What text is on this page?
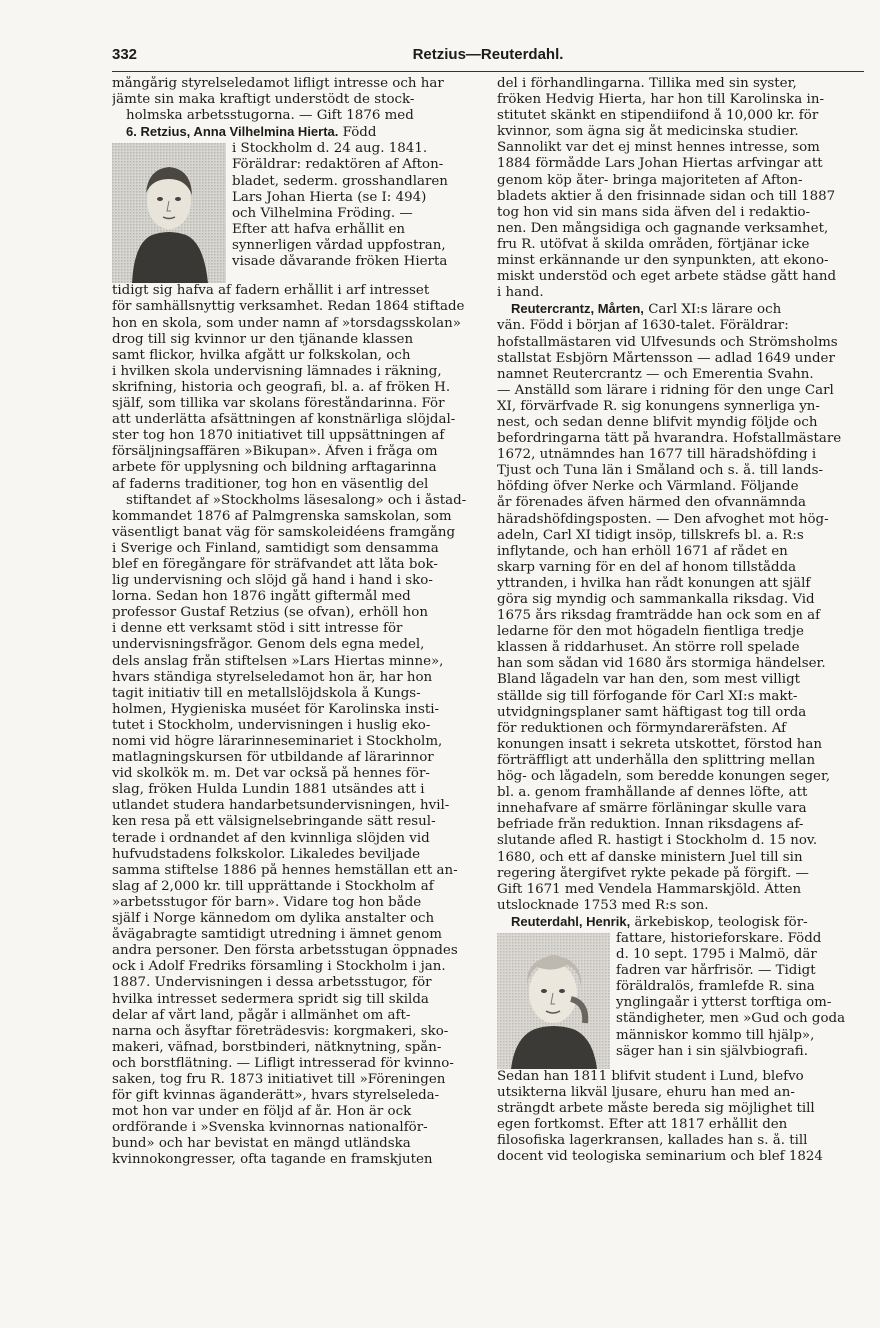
332	Retzius—Reuterdahl.
mångårig styrelseledamot lifligt intresse och har
jämte sin maka kraftigt understödt de stock-
holmska arbetsstugorna. — Gift 1876 med
6. Retzius, Anna Vilhelmina Hierta. Född
i Stockholm d. 24 aug. 1841.
Föräldrar: redaktören af Afton-
bladet, sederm. grosshandlaren
Lars Johan Hierta (se I: 494)
och Vilhelmina Fröding. —
Efter att hafva erhållit en
synnerligen vårdad uppfostran,
visade dåvarande fröken Hierta
tidigt sig hafva af fadern erhållit i arf intresset
för samhällsnyttig verksamhet. Redan 1864 stiftade
hon en skola, som under namn af »torsdagsskolan»
drog till sig kvinnor ur den tjänande klassen
samt flickor, hvilka afgått ur folkskolan, och
i hvilken skola undervisning lämnades i räkning,
skrifning, historia och geografi, bl. a. af fröken H.
själf, som tillika var skolans föreståndarinna. För
att underlätta afsättningen af konstnärliga slöjdal-
ster tog hon 1870 initiativet till uppsättningen af
försäljningsaffären »Bikupan». Äfven i fråga om
arbete för upplysning och bildning arftagarinna
af faderns traditioner, tog hon en väsentlig del
stiftandet af »Stockholms läsesalong» och i åstad-
kommandet 1876 af Palmgrenska samskolan, som
väsentligt banat väg för samskoleidéens framgång
i Sverige och Finland, samtidigt som densamma
blef en föregångare för sträfvandet att låta bok-
lig undervisning och slöjd gå hand i hand i sko-
lorna. Sedan hon 1876 ingått giftermål med
professor Gustaf Retzius (se ofvan), erhöll hon
i denne ett verksamt stöd i sitt intresse för
undervisningsfrågor. Genom dels egna medel,
dels anslag från stiftelsen »Lars Hiertas minne»,
hvars ständiga styrelseledamot hon är, har hon
tagit initiativ till en metallslöjdskola å Kungs-
holmen, Hygieniska muséet för Karolinska insti-
tutet i Stockholm, undervisningen i huslig eko-
nomi vid högre lärarinneseminariet i Stockholm,
matlagningskursen för utbildande af lärarinnor
vid skolkök m. m. Det var också på hennes för-
slag, fröken Hulda Lundin 1881 utsändes att i
utlandet studera handarbetsundervisningen, hvil-
ken resa på ett välsignelsebringande sätt resul-
terade i ordnandet af den kvinnliga slöjden vid
hufvudstadens folkskolor. Likaledes beviljade
samma stiftelse 1886 på hennes hemställan ett an-
slag af 2,000 kr. till upprättande i Stockholm af
»arbetsstugor för barn». Vidare tog hon både
själf i Norge kännedom om dylika anstalter och
åvägabragte samtidigt utredning i ämnet genom
andra personer. Den första arbetsstugan öppnades
ock i Adolf Fredriks församling i Stockholm i jan.
1887. Undervisningen i dessa arbetsstugor, för
hvilka intresset sedermera spridt sig till skilda
delar af vårt land, pågår i allmänhet om aft-
narna och åsyftar företrädesvis: korgmakeri, sko-
makeri, väfnad, borstbinderi, nätknytning, spån-
och borstflätning. — Lifligt intresserad för kvinno-
saken, tog fru R. 1873 initiativet till »Föreningen
för gift kvinnas äganderätt», hvars styrelseleda-
mot hon var under en följd af år. Hon är ock
ordförande i »Svenska kvinnornas nationalför-
bund» och har bevistat en mängd utländska
kvinnokongresser, ofta tagande en framskjuten
del i förhandlingarna. Tillika med sin syster,
fröken Hedvig Hierta, har hon till Karolinska in-
stitutet skänkt en stipendiifond å 10,000 kr. för
kvinnor, som ägna sig åt medicinska studier.
Sannolikt var det ej minst hennes intresse, som
1884 förmådde Lars Johan Hiertas arfvingar att
genom köp åter- bringa majoriteten af Afton-
bladets aktier å den frisinnade sidan och till 1887
tog hon vid sin mans sida äfven del i redaktio-
nen. Den mångsidiga och gagnande verksamhet,
fru R. utöfvat å skilda områden, förtjänar icke
minst erkännande ur den synpunkten, att ekono-
miskt understöd och eget arbete städse gått hand
i hand.
Reutercrantz, Mårten, Carl XI:s lärare och
vän. Född i början af 1630-talet. Föräldrar:
hofstallmästaren vid Ulfvesunds och Strömsholms
stallstat Esbjörn Mårtensson — adlad 1649 under
namnet Reutercrantz — och Emerentia Svahn.
— Anställd som lärare i ridning för den unge Carl
XI, förvärfvade R. sig konungens synnerliga yn-
nest, och sedan denne blifvit myndig följde och
befordringarna tätt på hvarandra. Hofstallmästare
1672, utnämndes han 1677 till häradshöfding i
Tjust och Tuna län i Småland och s. å. till lands-
höfding öfver Nerke och Värmland. Följande
år förenades äfven härmed den ofvannämnda
häradshöfdingsposten. — Den afvoghet mot hög-
adeln, Carl XI tidigt insöp, tillskrefs bl. a. R:s
inflytande, och han erhöll 1671 af rådet en
skarp varning för en del af honom tillstådda
yttranden, i hvilka han rådt konungen att själf
göra sig myndig och sammankalla riksdag. Vid
1675 års riksdag framträdde han ock som en af
ledarne för den mot högadeln fientliga tredje
klassen å riddarhuset. Än större roll spelade
han som sådan vid 1680 års stormiga händelser.
Bland lågadeln var han den, som mest villigt
ställde sig till förfogande för Carl XI:s makt-
utvidgningsplaner samt häftigast tog till orda
för reduktionen och förmyndareräfsten. Af
konungen insatt i sekreta utskottet, förstod han
förträffligt att underhålla den splittring mellan
hög- och lågadeln, som beredde konungen seger,
bl. a. genom framhållande af dennes löfte, att
innehafvare af smärre förläningar skulle vara
befriade från reduktion. Innan riksdagens af-
slutande afled R. hastigt i Stockholm d. 15 nov.
1680, och ett af danske ministern Juel till sin
regering återgifvet rykte pekade på förgift. —
Gift 1671 med Vendela Hammarskjöld. Ätten
utslocknade 1753 med R:s son.
Reuterdahl, Henrik, ärkebiskop, teologisk för-
fattare, historieforskare. Född
d. 10 sept. 1795 i Malmö, där
fadren var hårfrisör. — Tidigt
föräldralös, framlefde R. sina
ynglingaår i ytterst torftiga om-
ständigheter, men »Gud och goda
människor kommo till hjälp»,
säger han i sin självbiografi.
Sedan han 1811 blifvit student i Lund, blefvo
utsikterna likväl ljusare, ehuru han med an-
strängdt arbete måste bereda sig möjlighet till
egen fortkomst. Efter att 1817 erhållit den
filosofiska lagerkransen, kallades han s. å. till
docent vid teologiska seminarium och blef 1824
